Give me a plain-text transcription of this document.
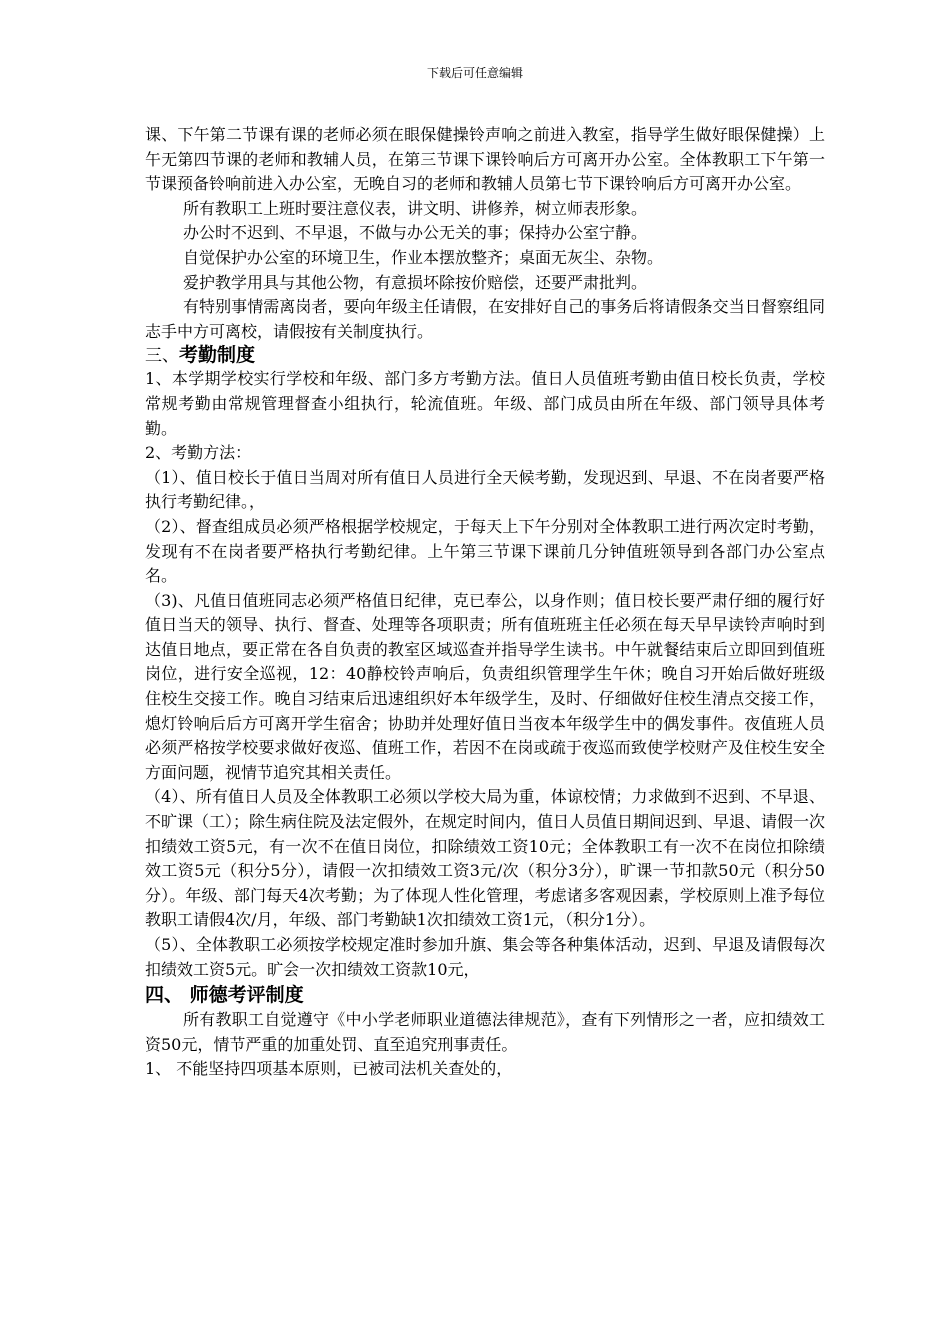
下载后可任意编辑

课、下午第二节课有课的老师必须在眼保健操铃声响之前进入教室，指导学生做好眼保健操）上午无第四节课的老师和教辅人员，在第三节课下课铃响后方可离开办公室。全体教职工下午第一节课预备铃响前进入办公室，无晚自习的老师和教辅人员第七节下课铃响后方可离开办公室。

所有教职工上班时要注意仪表，讲文明、讲修养，树立师表形象。

办公时不迟到、不早退，不做与办公无关的事；保持办公室宁静。

自觉保护办公室的环境卫生，作业本摆放整齐；桌面无灰尘、杂物。

爱护教学用具与其他公物，有意损坏除按价赔偿，还要严肃批判。

有特别事情需离岗者，要向年级主任请假，在安排好自己的事务后将请假条交当日督察组同志手中方可离校，请假按有关制度执行。

三、考勤制度

1、本学期学校实行学校和年级、部门多方考勤方法。值日人员值班考勤由值日校长负责，学校常规考勤由常规管理督查小组执行，轮流值班。年级、部门成员由所在年级、部门领导具体考勤。

2、考勤方法：

（1）、值日校长于值日当周对所有值日人员进行全天候考勤，发现迟到、早退、不在岗者要严格执行考勤纪律。，

（2）、督查组成员必须严格根据学校规定，于每天上下午分别对全体教职工进行两次定时考勤，发现有不在岗者要严格执行考勤纪律。上午第三节课下课前几分钟值班领导到各部门办公室点名。

（3)、凡值日值班同志必须严格值日纪律，克已奉公，以身作则；值日校长要严肃仔细的履行好值日当天的领导、执行、督查、处理等各项职责；所有值班班主任必须在每天早早读铃声响时到达值日地点，要正常在各自负责的教室区域巡查并指导学生读书。中午就餐结束后立即回到值班岗位，进行安全巡视，12：40静校铃声响后，负责组织管理学生午休；晚自习开始后做好班级住校生交接工作。晚自习结束后迅速组织好本年级学生，及时、仔细做好住校生清点交接工作，熄灯铃响后后方可离开学生宿舍；协助并处理好值日当夜本年级学生中的偶发事件。夜值班人员必须严格按学校要求做好夜巡、值班工作，若因不在岗或疏于夜巡而致使学校财产及住校生安全方面问题，视情节追究其相关责任。

（4）、所有值日人员及全体教职工必须以学校大局为重，体谅校情；力求做到不迟到、不早退、不旷课（工）；除生病住院及法定假外，在规定时间内，值日人员值日期间迟到、早退、请假一次扣绩效工资5元，有一次不在值日岗位，扣除绩效工资10元；全体教职工有一次不在岗位扣除绩效工资5元（积分5分），请假一次扣绩效工资3元/次（积分3分），旷课一节扣款50元（积分50分）。年级、部门每天4次考勤；为了体现人性化管理，考虑诸多客观因素，学校原则上准予每位教职工请假4次/月，年级、部门考勤缺1次扣绩效工资1元，（积分1分）。

（5）、全体教职工必须按学校规定准时参加升旗、集会等各种集体活动，迟到、早退及请假每次扣绩效工资5元。旷会一次扣绩效工资款10元，

四、 师德考评制度

所有教职工自觉遵守《中小学老师职业道德法律规范》，查有下列情形之一者，应扣绩效工资50元，情节严重的加重处罚、直至追究刑事责任。

1、 不能坚持四项基本原则，已被司法机关查处的，
